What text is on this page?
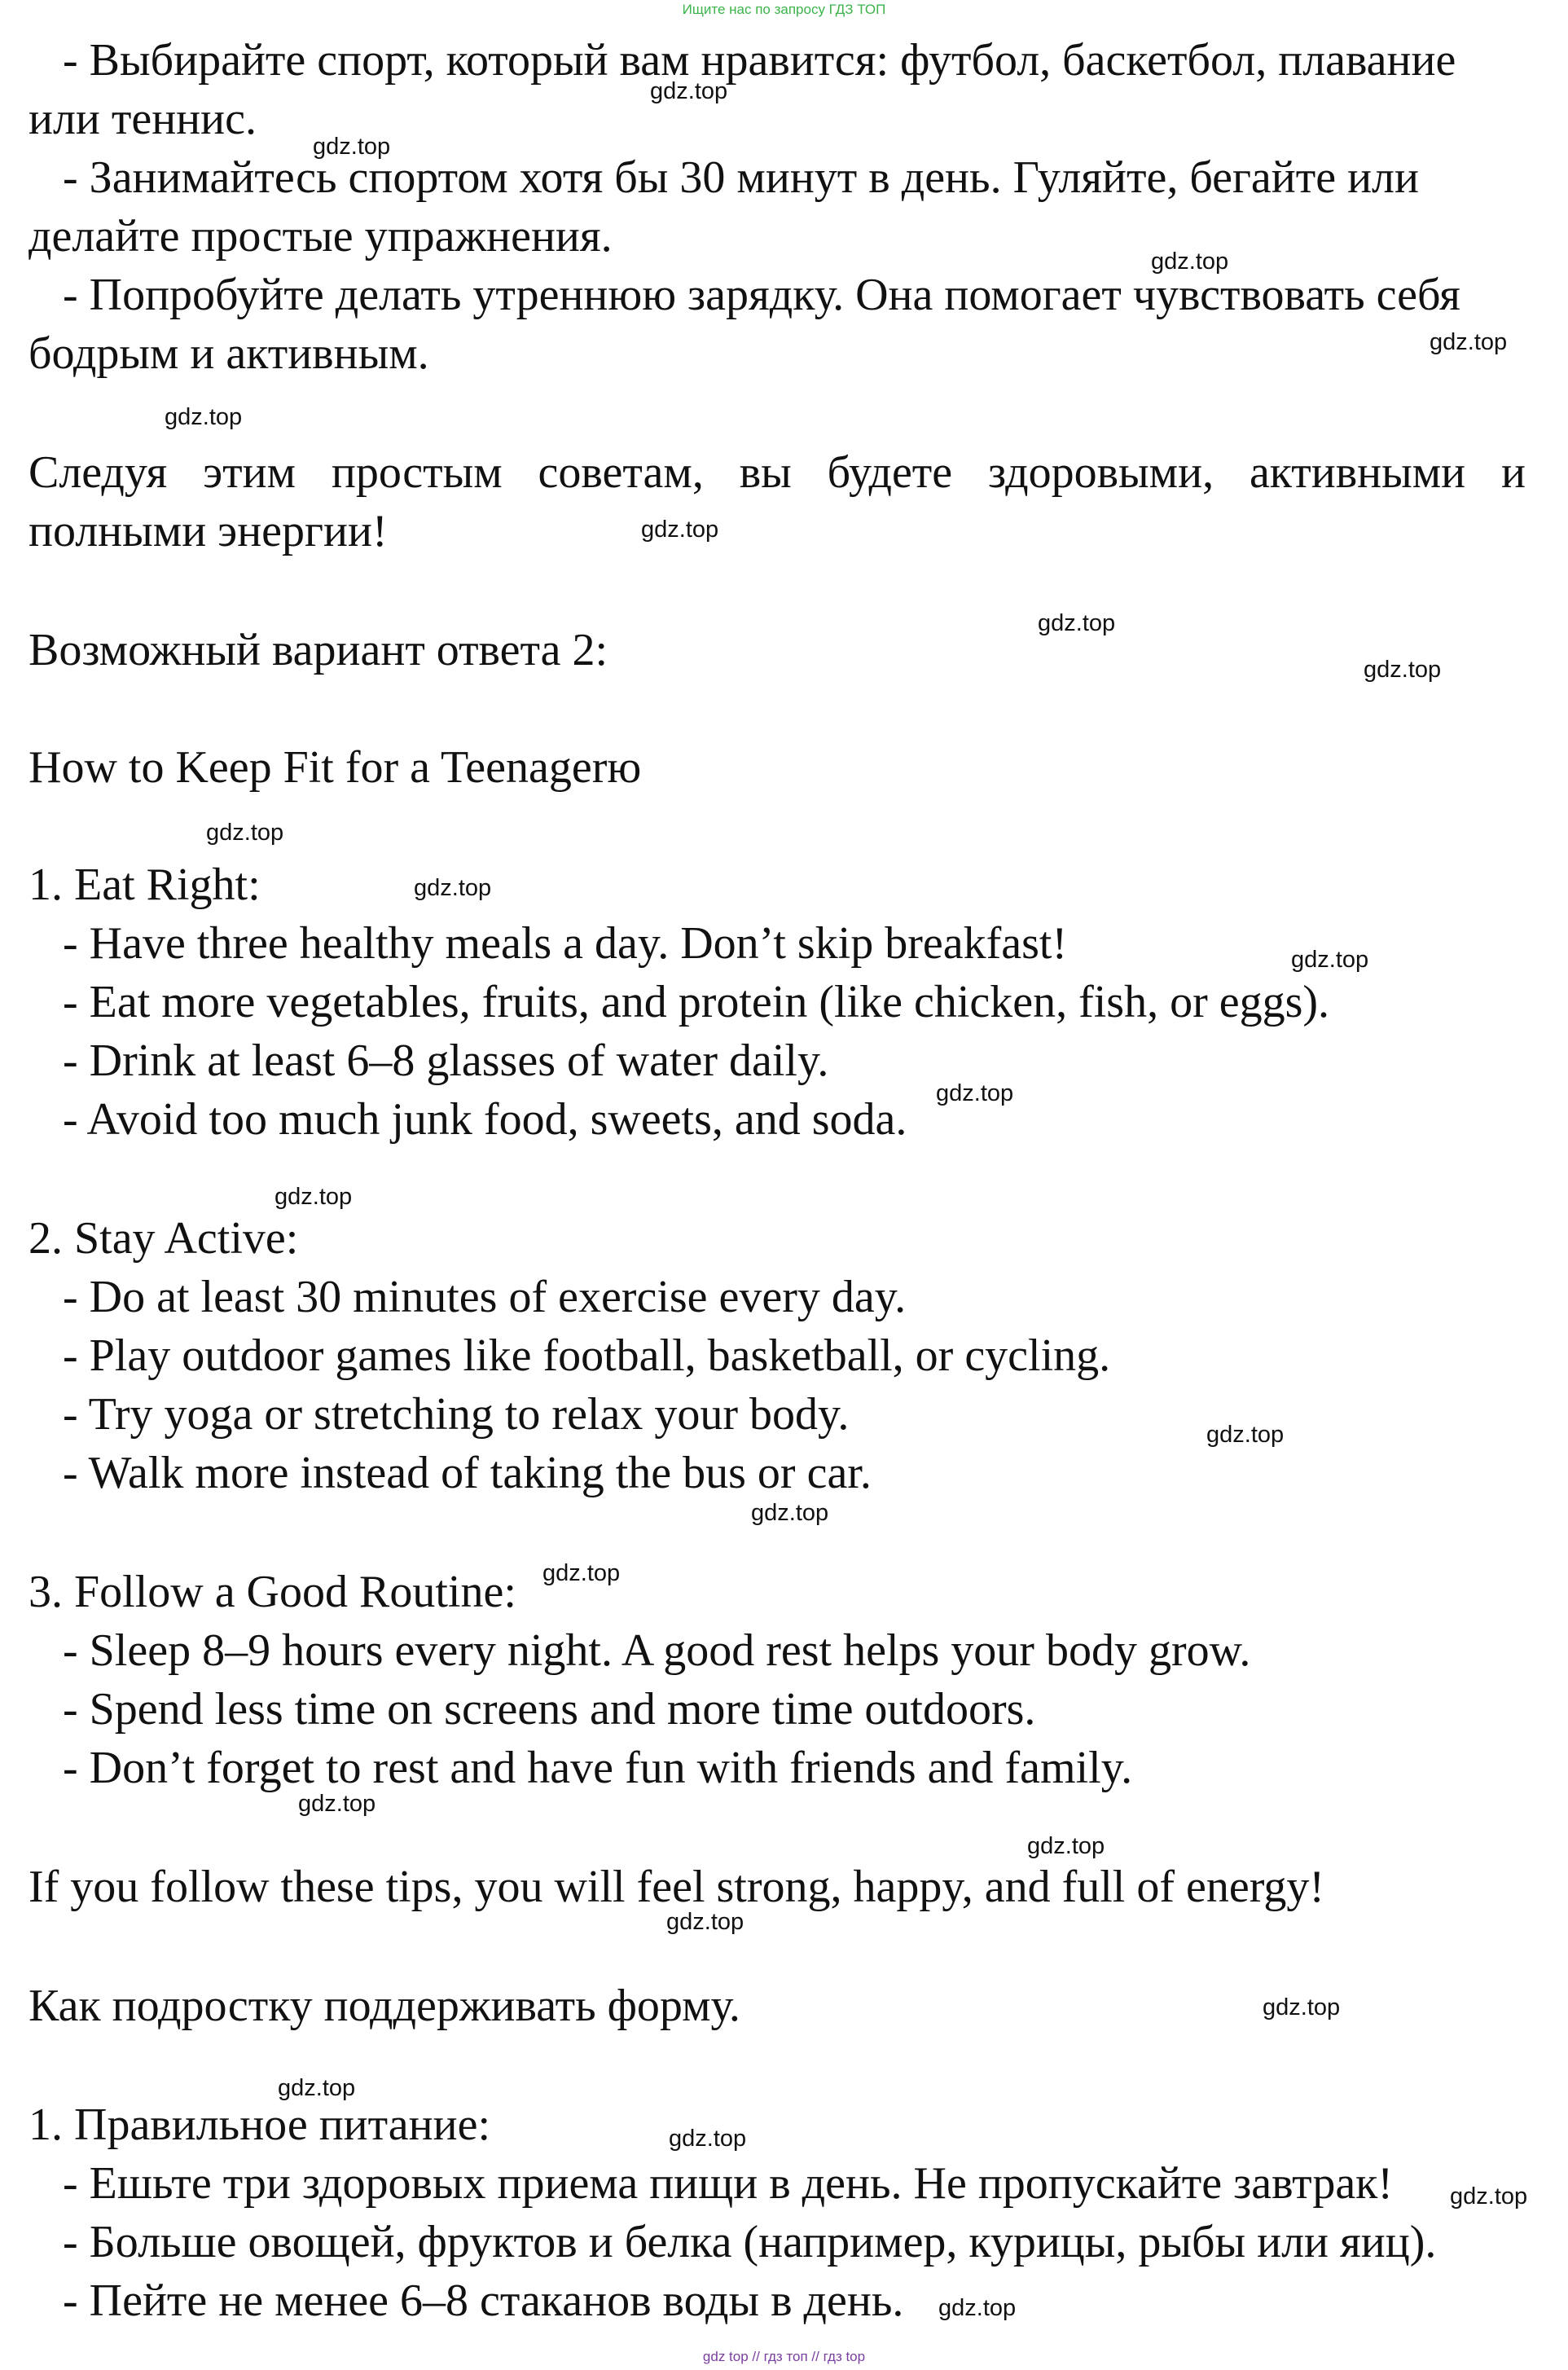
Ищите нас по запросу ГДЗ ТОП
- Выбирайте спорт, который вам нравится: футбол, баскетбол, плавание
или теннис.
- Занимайтесь спортом хотя бы 30 минут в день. Гуляйте, бегайте или
делайте простые упражнения.
- Попробуйте делать утреннюю зарядку. Она помогает чувствовать себя
бодрым и активным.
Следуя этим простым советам, вы будете здоровыми, активными и
полными энергии!
Возможный вариант ответа 2:
How to Keep Fit for a Teenagerю
1. Eat Right:
- Have three healthy meals a day. Don’t skip breakfast!
- Eat more vegetables, fruits, and protein (like chicken, fish, or eggs).
- Drink at least 6–8 glasses of water daily.
- Avoid too much junk food, sweets, and soda.
2. Stay Active:
- Do at least 30 minutes of exercise every day.
- Play outdoor games like football, basketball, or cycling.
- Try yoga or stretching to relax your body.
- Walk more instead of taking the bus or car.
3. Follow a Good Routine:
- Sleep 8–9 hours every night. A good rest helps your body grow.
- Spend less time on screens and more time outdoors.
- Don’t forget to rest and have fun with friends and family.
If you follow these tips, you will feel strong, happy, and full of energy!
Как подростку поддерживать форму.
1. Правильное питание:
- Ешьте три здоровых приема пищи в день. Не пропускайте завтрак!
- Больше овощей, фруктов и белка (например, курицы, рыбы или яиц).
- Пейте не менее 6–8 стаканов воды в день.
gdz.top
gdz.top
gdz.top
gdz.top
gdz.top
gdz.top
gdz.top
gdz.top
gdz.top
gdz.top
gdz.top
gdz.top
gdz.top
gdz.top
gdz.top
gdz.top
gdz.top
gdz.top
gdz.top
gdz.top
gdz.top
gdz.top
gdz.top
gdz.top
gdz top // гдз топ // гдз top
